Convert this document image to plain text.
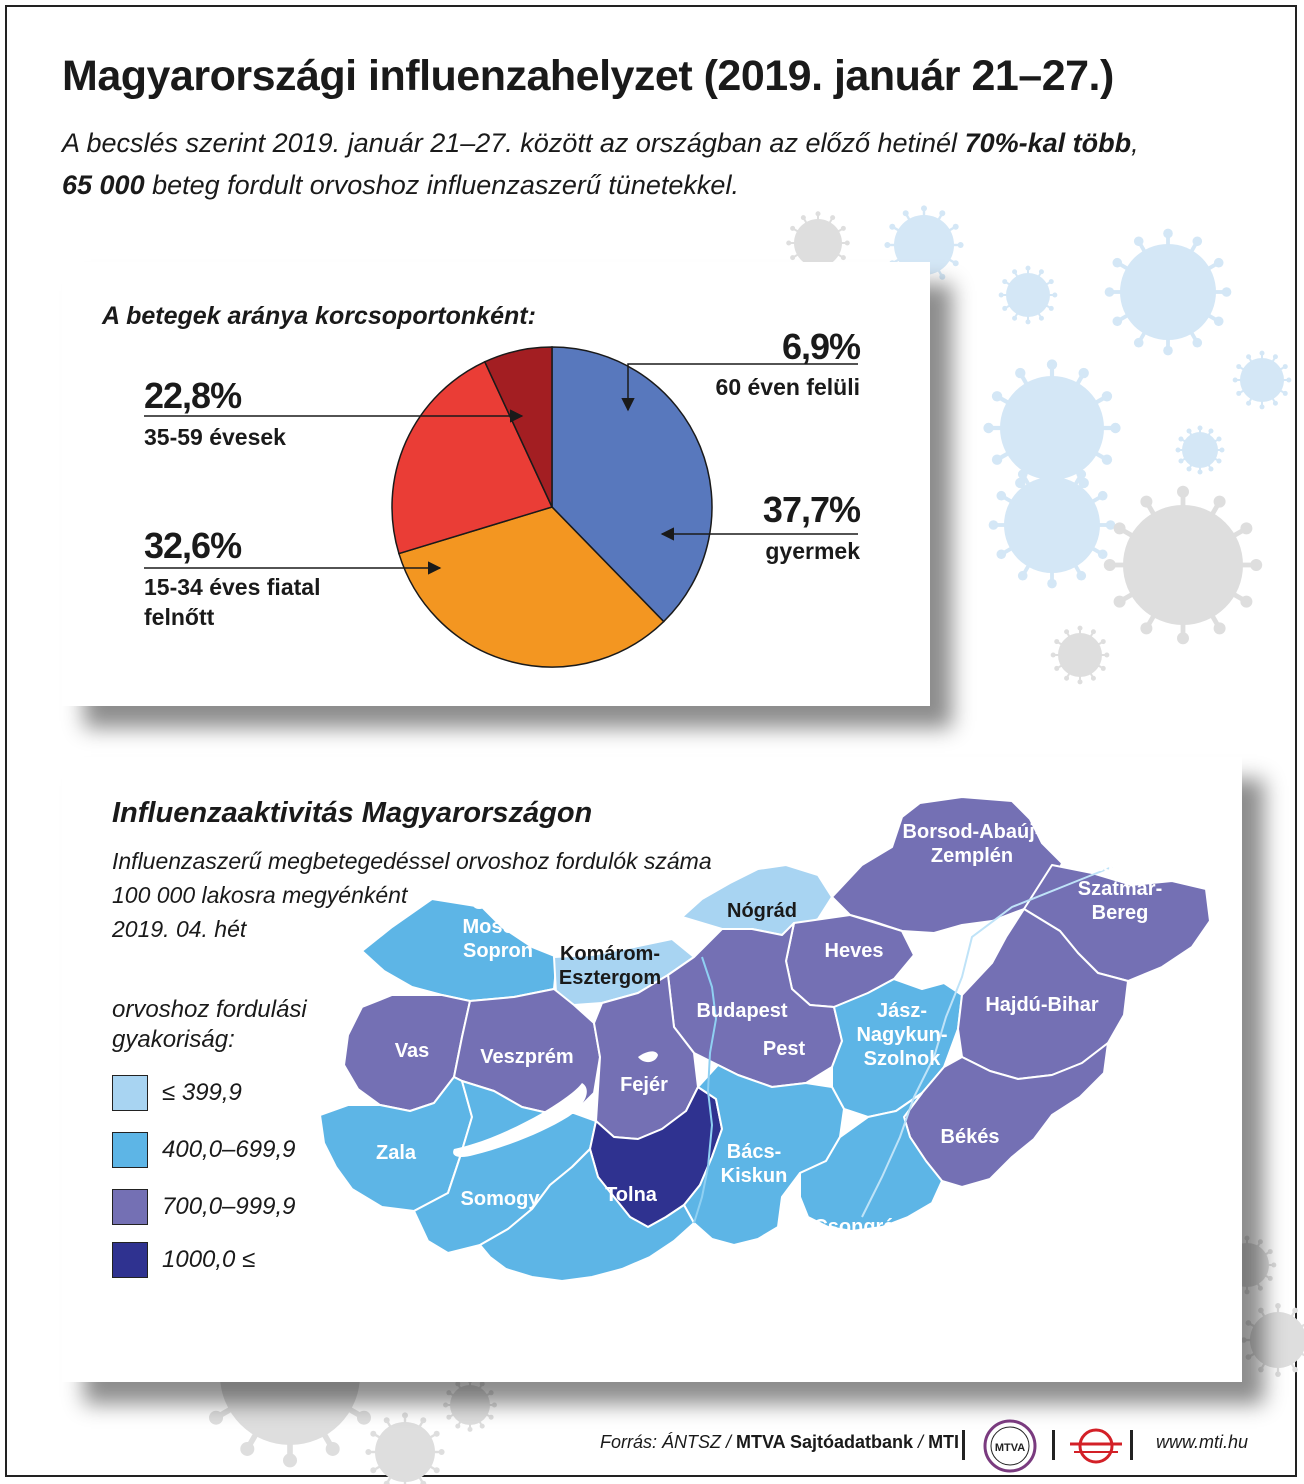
Magyarországi influenzahelyzet (2019. január 21–27.)
A becslés szerint 2019. január 21–27. között az országban az előző hetinél 70%-kal több,
65 000 beteg fordult orvoshoz influenzaszerű tünetekkel.
A betegek aránya korcsoportonként:
22,8%
35-59 évesek
32,6%
15-34 éves fiatal felnőtt
6,9%
60 éven felüli
37,7%
gyermek
Influenzaaktivitás Magyarországon
Influenzaszerű megbetegedéssel orvoshoz fordulók száma
100 000 lakosra megyénként
2019. 04. hét
orvoshoz fordulási
gyakoriság:
≤ 399,9
400,0–699,9
700,0–999,9
1000,0 ≤
Győr-Moson-Sopron Komárom-Esztergom
Nógrád
Borsod-Abaúj-Zemplén	Szabolcs-Szatmár-Bereg
Heves
Budapest
Pest
Vas	Veszprém
Fejér
Jász-Nagykun-Szolnok
Hajdú-Bihar
Zala
Somogy	Tolna
Bács-Kiskun
Békés
Csongrád
Baranya
Forrás: ÁNTSZ / MTVA Sajtóadatbank / MTI	MTVA	www.mti.hu
